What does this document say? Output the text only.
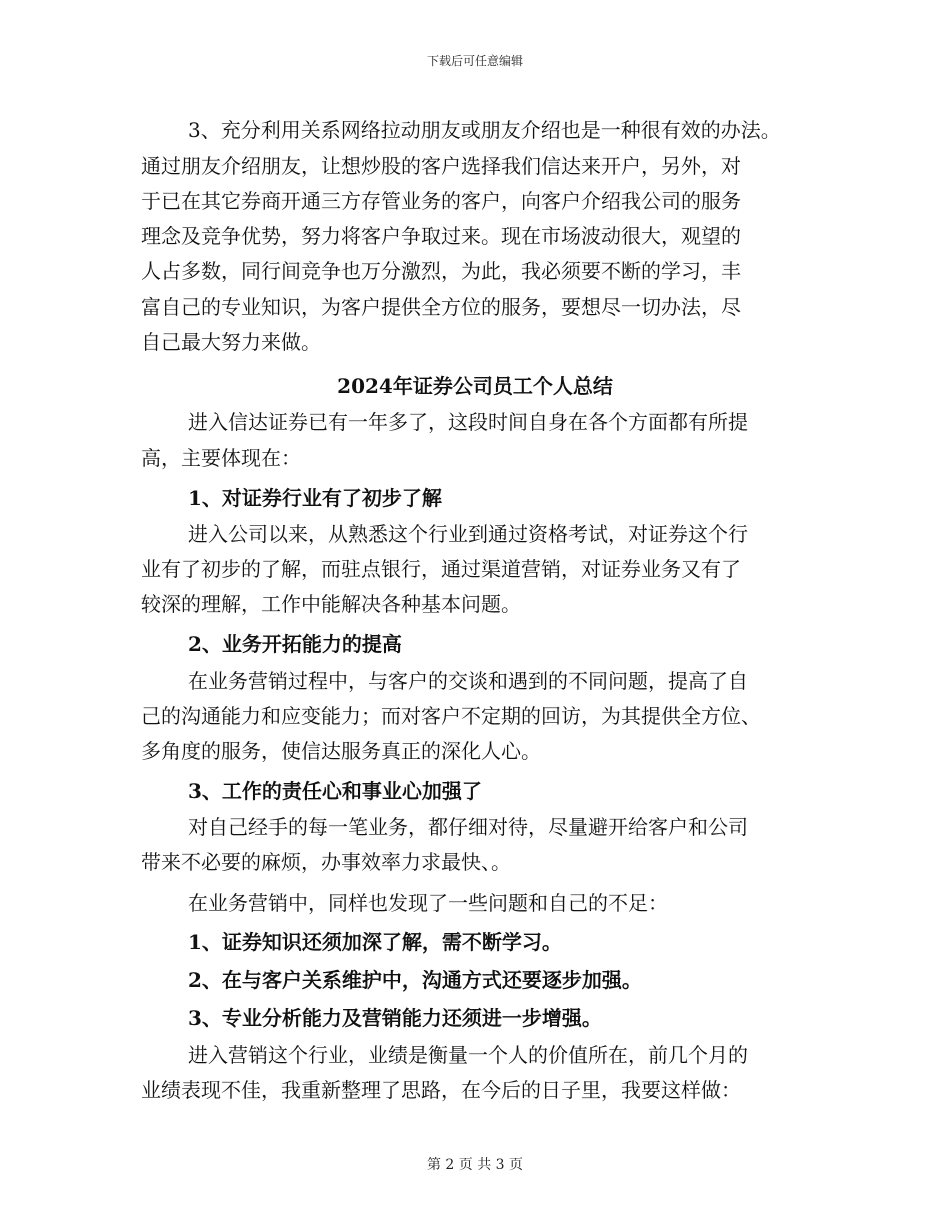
下载后可任意编辑
3、充分利用关系网络拉动朋友或朋友介绍也是一种很有效的办法。
通过朋友介绍朋友，让想炒股的客户选择我们信达来开户，另外，对
于已在其它券商开通三方存管业务的客户，向客户介绍我公司的服务
理念及竞争优势，努力将客户争取过来。现在市场波动很大，观望的
人占多数，同行间竞争也万分激烈，为此，我必须要不断的学习，丰
富自己的专业知识，为客户提供全方位的服务，要想尽一切办法，尽
自己最大努力来做。
2024年证券公司员工个人总结
进入信达证券已有一年多了，这段时间自身在各个方面都有所提
高，主要体现在：
1、对证券行业有了初步了解
进入公司以来，从熟悉这个行业到通过资格考试，对证券这个行
业有了初步的了解，而驻点银行，通过渠道营销，对证券业务又有了
较深的理解，工作中能解决各种基本问题。
2、业务开拓能力的提高
在业务营销过程中，与客户的交谈和遇到的不同问题，提高了自
己的沟通能力和应变能力；而对客户不定期的回访，为其提供全方位、
多角度的服务，使信达服务真正的深化人心。
3、工作的责任心和事业心加强了
对自己经手的每一笔业务，都仔细对待，尽量避开给客户和公司
带来不必要的麻烦，办事效率力求最快、。
在业务营销中，同样也发现了一些问题和自己的不足：
1、证券知识还须加深了解，需不断学习。
2、在与客户关系维护中，沟通方式还要逐步加强。
3、专业分析能力及营销能力还须进一步增强。
进入营销这个行业，业绩是衡量一个人的价值所在，前几个月的
业绩表现不佳，我重新整理了思路，在今后的日子里，我要这样做：
第 2 页 共 3 页
